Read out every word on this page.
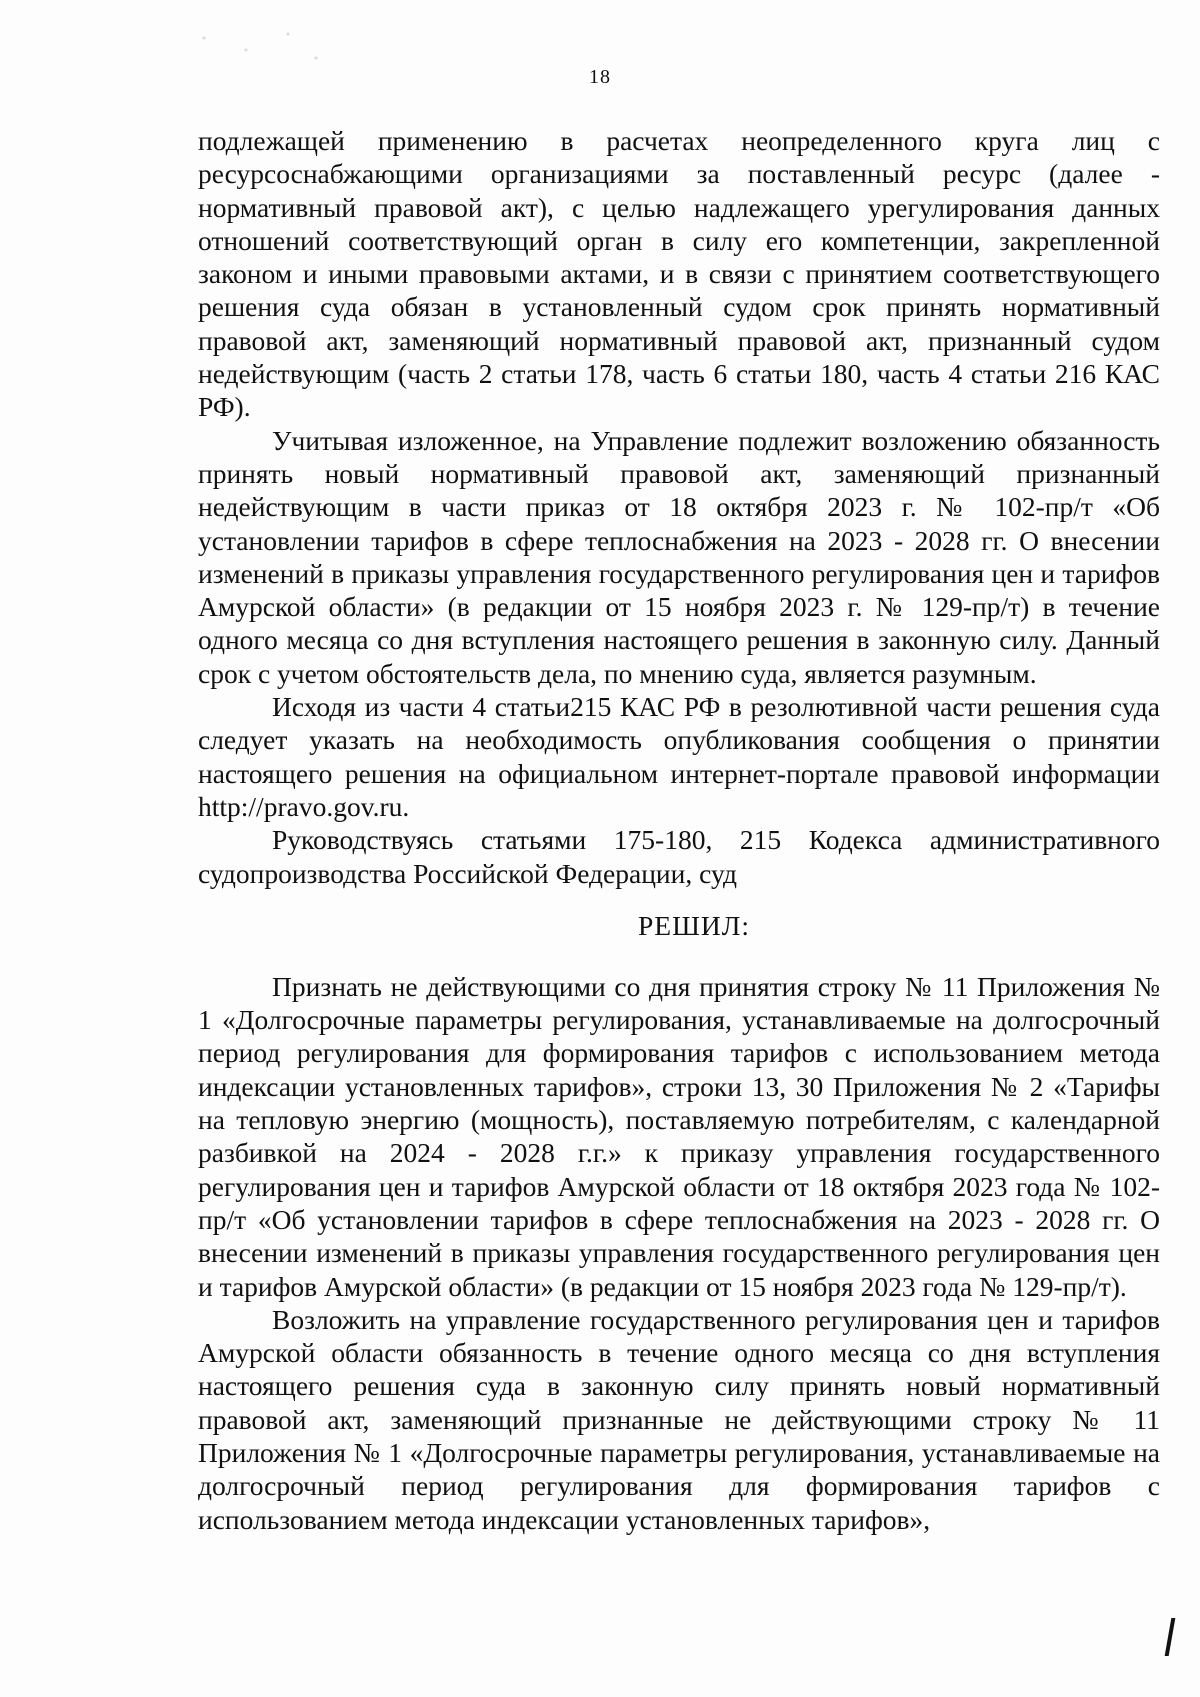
18

подлежащей применению в расчетах неопределенного круга лиц с ресурсоснабжающими организациями за поставленный ресурс (далее - нормативный правовой акт), с целью надлежащего урегулирования данных отношений соответствующий орган в силу его компетенции, закрепленной законом и иными правовыми актами, и в связи с принятием соответствующего решения суда обязан в установленный судом срок принять нормативный правовой акт, заменяющий нормативный правовой акт, признанный судом недействующим (часть 2 статьи 178, часть 6 статьи 180, часть 4 статьи 216 КАС РФ).

Учитывая изложенное, на Управление подлежит возложению обязанность принять новый нормативный правовой акт, заменяющий признанный недействующим в части приказ от 18 октября 2023 г. № 102-пр/т «Об установлении тарифов в сфере теплоснабжения на 2023 - 2028 гг. О внесении изменений в приказы управления государственного регулирования цен и тарифов Амурской области» (в редакции от 15 ноября 2023 г. № 129-пр/т) в течение одного месяца со дня вступления настоящего решения в законную силу. Данный срок с учетом обстоятельств дела, по мнению суда, является разумным.

Исходя из части 4 статьи215 КАС РФ в резолютивной части решения суда следует указать на необходимость опубликования сообщения о принятии настоящего решения на официальном интернет-портале правовой информации http://pravo.gov.ru.

Руководствуясь статьями 175-180, 215 Кодекса административного судопроизводства Российской Федерации, суд

РЕШИЛ:

Признать не действующими со дня принятия строку № 11 Приложения № 1 «Долгосрочные параметры регулирования, устанавливаемые на долгосрочный период регулирования для формирования тарифов с использованием метода индексации установленных тарифов», строки 13, 30 Приложения № 2 «Тарифы на тепловую энергию (мощность), поставляемую потребителям, с календарной разбивкой на 2024 - 2028 г.г.» к приказу управления государственного регулирования цен и тарифов Амурской области от 18 октября 2023 года № 102-пр/т «Об установлении тарифов в сфере теплоснабжения на 2023 - 2028 гг. О внесении изменений в приказы управления государственного регулирования цен и тарифов Амурской области» (в редакции от 15 ноября 2023 года № 129-пр/т).

Возложить на управление государственного регулирования цен и тарифов Амурской области обязанность в течение одного месяца со дня вступления настоящего решения суда в законную силу принять новый нормативный правовой акт, заменяющий признанные не действующими строку № 11 Приложения № 1 «Долгосрочные параметры регулирования, устанавливаемые на долгосрочный период регулирования для формирования тарифов с использованием метода индексации установленных тарифов»,
